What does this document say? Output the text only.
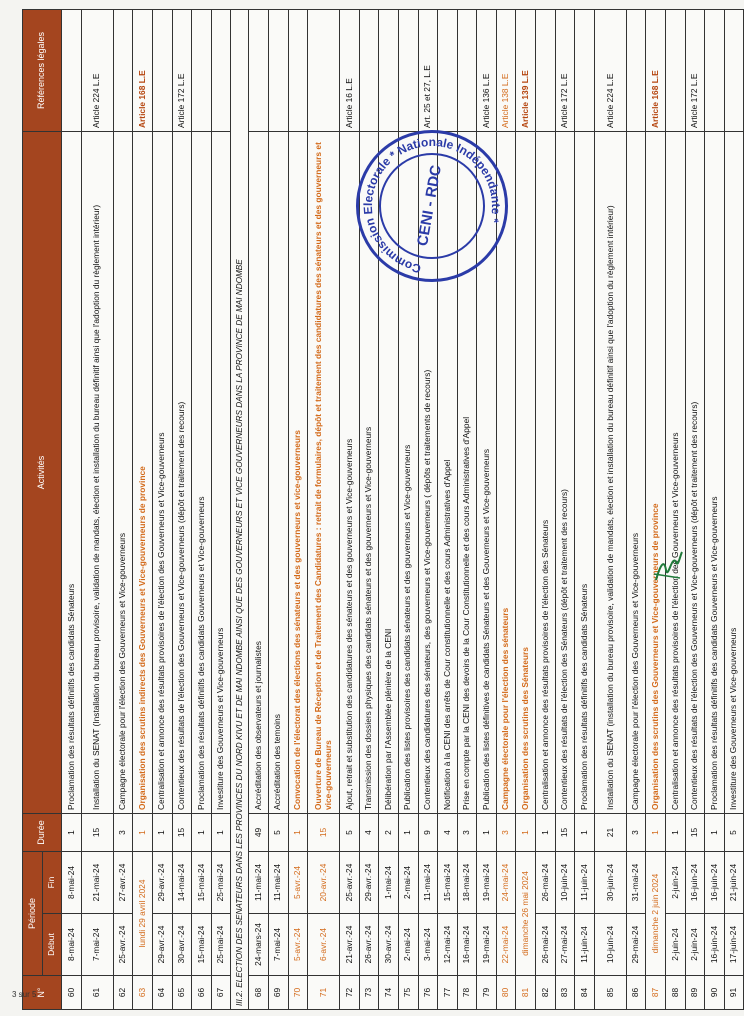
N°	Période		Durée	Activités	Références légales
	Début	Fin			
60	8-mai-24	8-mai-24	1	Proclamation des résultats définitifs des candidats Sénateurs	
61	7-mai-24	21-mai-24	15	Installation du SENAT (Installation du bureau provisoire, validation de mandats, élection et installation du bureau définitif ainsi que l'adoption du règlement intérieur)	Article 224 L.E
62	25-avr.-24	27-avr.-24	3	Campagne électorale pour l'élection des Gouverneurs et Vice-gouverneurs	
63	lundi 29 avril 2024		1	Organisation des scrutins indirects des Gouverneurs et Vice-gouverneurs de province	Article 168 L.E
64	29-avr.-24	29-avr.-24	1	Centralisation et annonce des résultats provisoires de l'élection des Gouverneurs et Vice-gouverneurs	
65	30-avr.-24	14-mai-24	15	Contentieux des résultats de l'élection des Gouverneurs et Vice-gouverneurs (dépôt et traitement des recours)	Article 172 L.E
66	15-mai-24	15-mai-24	1	Proclamation des résultats définitifs des candidats Gouverneurs et Vice-gouverneurs	
67	25-mai-24	25-mai-24	1	Investiture des Gouverneurs et Vice-gouverneurs	
III.2. ELECTION DES SENATEURS DANS LES PROVINCES DU NORD KIVU ET DE MAI NDOMBE AINSI QUE DES GOUVERNEURS ET VICE GOUVERNEURS DANS LA PROVINCE DE MAI NDOMBE					
68	24-mars-24	11-mai-24	49	Accréditation des observateurs et journalistes	
69	7-mai-24	11-mai-24	5	Accréditation des temoins	
70	5-avr.-24	5-avr.-24	1	Convocation de l'électorat des élections des sénateurs et des gouverneurs et vice-gouverneurs	
71	6-avr.-24	20-avr.-24	15	Ouverture de Bureau de Réception et de Traitement des Candidatures : retrait de formulaires, dépôt et traitement des candidatures des sénateurs et des gouverneurs et vice-gouverneurs	
72	21-avr.-24	25-avr.-24	5	Ajout, retrait et substitution des candidatures des sénateurs et des gouverneurs et Vice-gouverneurs	Article 16 L.E
73	26-avr.-24	29-avr.-24	4	Transmission des dossiers physiques des candidats sénateurs et des gouverneurs et Vice-gouverneurs	
74	30-avr.-24	1-mai-24	2	Délibération par l'Assemblée plénière de la CENI	
75	2-mai-24	2-mai-24	1	Publication des listes provisoires des candidats sénateurs et des gouverneurs et Vice-gouverneurs	
76	3-mai-24	11-mai-24	9	Contentieux des candidatures des sénateurs, des gouverneurs et Vice-gouverneurs ( dépôts et traitements de recours)	Art. 25 et 27, L.E
77	12-mai-24	15-mai-24	4	Notification à la CENI des arrêts de Cour constitutionnelle et des cours Administratives d'Appel	
78	16-mai-24	18-mai-24	3	Prise en compte par la CENI des devoirs de la Cour Constitutionnelle et des cours Administratives d'Appel	
79	19-mai-24	19-mai-24	1	Publication des listes définitives de candidats Sénateurs et des Gouverneurs et Vice-gouverneurs	Article 136 L.E
80	22-mai-24	24-mai-24	3	Campagne électorale pour l'élection des sénateurs	Article 138 L.E
81	dimanche 26 mai 2024		1	Organisation des scrutins des Sénateurs	Article 139 L.E
82	26-mai-24	26-mai-24	1	Centralisation et annonce des résultats provisoires de l'élection des Sénateurs	
83	27-mai-24	10-juin-24	15	Contentieux des résultats de l'élection des Sénateurs (dépôt et traitement des recours)	Article 172 L.E
84	11-juin-24	11-juin-24	1	Proclamation des résultats définitifs des candidats Sénateurs	
85	10-juin-24	30-juin-24	21	Installation du SENAT (installation du bureau provisoire, validation de mandats, élection et installation du bureau définitif ainsi que l'adoption du règlement intérieur)	Article 224 L.E
86	29-mai-24	31-mai-24	3	Campagne électorale pour l'élection des Gouverneurs et Vice-gouverneurs	
87	dimanche 2 juin 2024		1	Organisation des scrutins des Gouverneurs et Vice-gouverneurs de province	Article 168 L.E
88	2-juin-24	2-juin-24	1	Centralisation et annonce des résultats provisoires de l'élection des Gouverneurs et Vice-gouverneurs	
89	2-juin-24	16-juin-24	15	Contentieux des résultats de l'élection des Gouverneurs et Vice-gouverneurs (dépôt et traitement des recours)	Article 172 L.E
90	16-juin-24	16-juin-24	1	Proclamation des résultats définitifs des candidats Gouverneurs et Vice-gouverneurs	
91	17-juin-24	21-juin-24	5	Investiture des Gouverneurs et Vice-gouverneurs	
Commission Electorale * Nationale Indépendante *
CENI - RDC
3 sur 5
